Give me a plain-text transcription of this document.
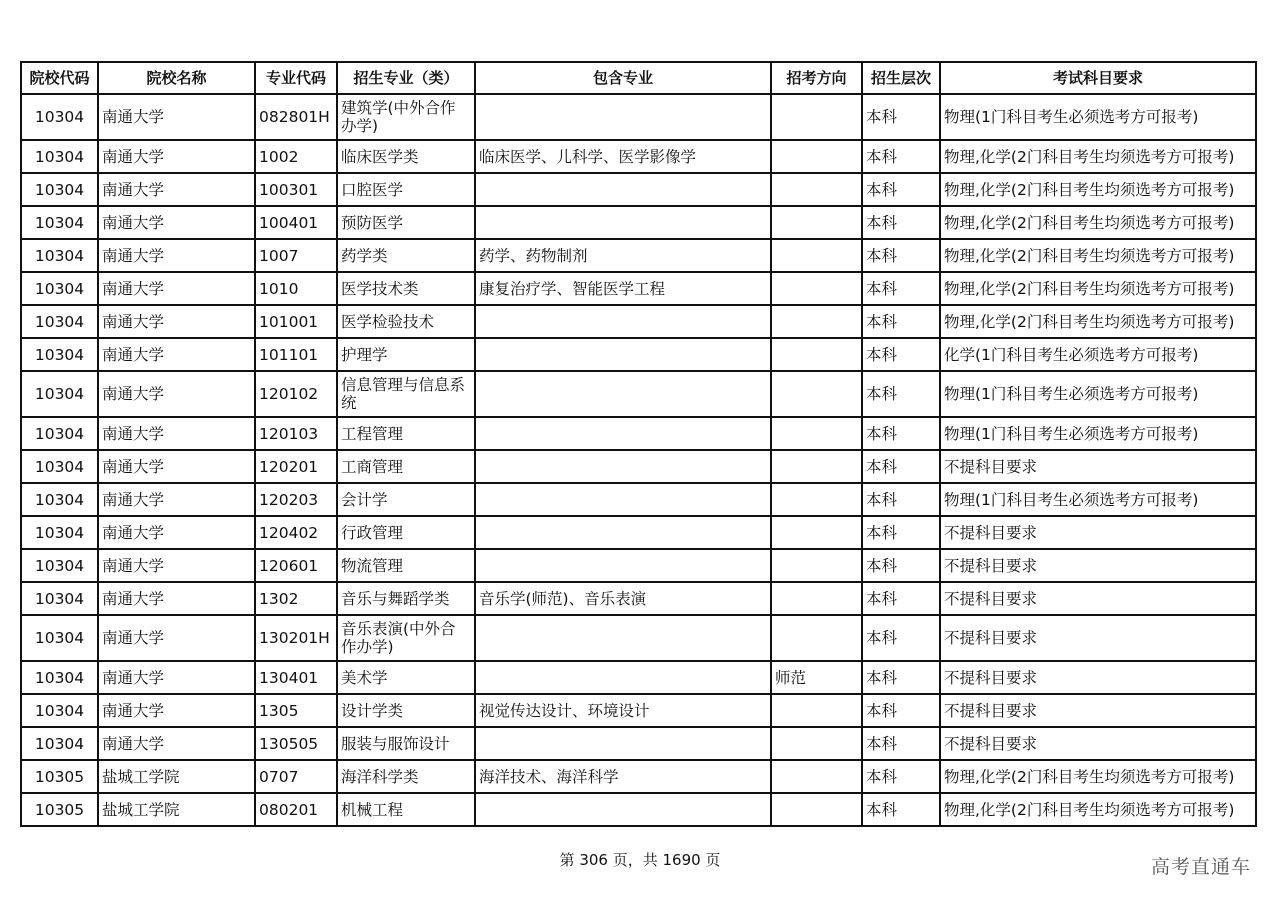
院校代码	院校名称	专业代码	招生专业（类）	包含专业	招考方向	招生层次	考试科目要求
10304	南通大学	082801H	建筑学(中外合作办学)			本科	物理(1门科目考生必须选考方可报考)
10304	南通大学	1002	临床医学类	临床医学、儿科学、医学影像学		本科	物理,化学(2门科目考生均须选考方可报考)
10304	南通大学	100301	口腔医学			本科	物理,化学(2门科目考生均须选考方可报考)
10304	南通大学	100401	预防医学			本科	物理,化学(2门科目考生均须选考方可报考)
10304	南通大学	1007	药学类	药学、药物制剂		本科	物理,化学(2门科目考生均须选考方可报考)
10304	南通大学	1010	医学技术类	康复治疗学、智能医学工程		本科	物理,化学(2门科目考生均须选考方可报考)
10304	南通大学	101001	医学检验技术			本科	物理,化学(2门科目考生均须选考方可报考)
10304	南通大学	101101	护理学			本科	化学(1门科目考生必须选考方可报考)
10304	南通大学	120102	信息管理与信息系统			本科	物理(1门科目考生必须选考方可报考)
10304	南通大学	120103	工程管理			本科	物理(1门科目考生必须选考方可报考)
10304	南通大学	120201	工商管理			本科	不提科目要求
10304	南通大学	120203	会计学			本科	物理(1门科目考生必须选考方可报考)
10304	南通大学	120402	行政管理			本科	不提科目要求
10304	南通大学	120601	物流管理			本科	不提科目要求
10304	南通大学	1302	音乐与舞蹈学类	音乐学(师范)、音乐表演		本科	不提科目要求
10304	南通大学	130201H	音乐表演(中外合作办学)			本科	不提科目要求
10304	南通大学	130401	美术学		师范	本科	不提科目要求
10304	南通大学	1305	设计学类	视觉传达设计、环境设计		本科	不提科目要求
10304	南通大学	130505	服装与服饰设计			本科	不提科目要求
10305	盐城工学院	0707	海洋科学类	海洋技术、海洋科学		本科	物理,化学(2门科目考生均须选考方可报考)
10305	盐城工学院	080201	机械工程			本科	物理,化学(2门科目考生均须选考方可报考)
第 306 页，共 1690 页	高考直通车
